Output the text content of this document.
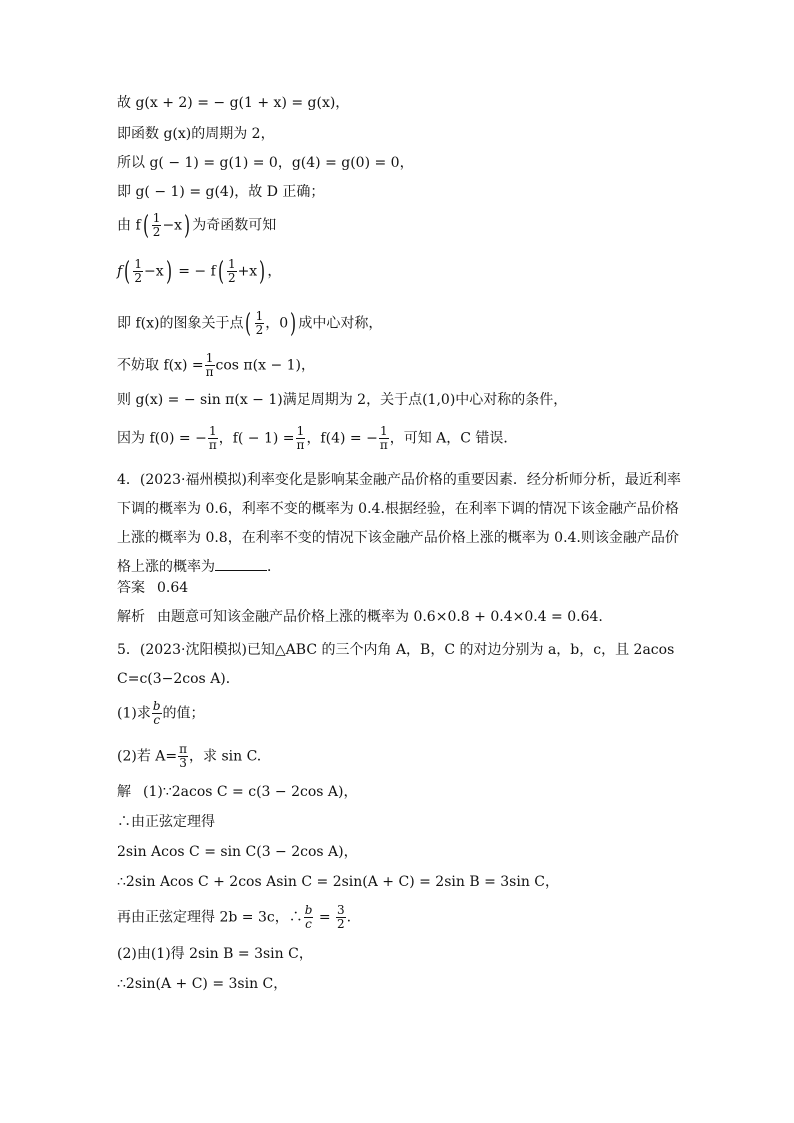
故 g(x + 2) = − g(1 + x) = g(x)，
即函数 g(x)的周期为 2，
所以 g( − 1) = g(1) = 0，g(4) = g(0) = 0，
即 g( − 1) = g(4)，故 D 正确；
由 $f( \frac{1}{2} -x)$ 为奇函数可知
$f( \frac{1}{2} -x)$ = − $f( \frac{1}{2} +x)$ ，
即 f(x)的图象关于点( $\frac{1}{2}$ ，0) 成中心对称，
不妨取 $f(x) = \frac{1}{\pi}$ cos π(x − 1)，
则 g(x) = − sin π(x − 1)满足周期为 2，关于点(1,0)中心对称的条件，
因为 f(0) = − $\frac{1}{\pi}$ ，$f( - 1) = \frac{1}{\pi}$ ，f(4) = − $\frac{1}{\pi}$ ，可知 A，C 错误．
4．(2023·福州模拟)利率变化是影响某金融产品价格的重要因素．经分析师分析，最近利率下调的概率为 0.6，利率不变的概率为 0.4.根据经验，在利率下调的情况下该金融产品价格上涨的概率为 0.8，在利率不变的情况下该金融产品价格上涨的概率为 0.4.则该金融产品价格上涨的概率为	．
答案 0.64
解析 由题意可知该金融产品价格上涨的概率为 0.6×0.8 + 0.4×0.4 = 0.64.
5．(2023·沈阳模拟)已知△ABC 的三个内角 A，B，C 的对边分别为 a，b，c，且 2acos C=c(3−2cos A)．
(1)求 $\frac{b}{c}$ 的值；
(2)若 $A= \frac{\pi}{3}$ ，求 sin C.
解 (1)∵2acos C = c(3 − 2cos A)，
∴由正弦定理得
2sin Acos C = sin C(3 − 2cos A)，
∴2sin Acos C + 2cos Asin C = 2sin(A + C) = 2sin B = 3sin C，
再由正弦定理得 2b = 3c，∴ $\frac{b}{c} = \frac{3}{2}$ .
(2)由(1)得 2sin B = 3sin C，
∴2sin(A + C) = 3sin C，
